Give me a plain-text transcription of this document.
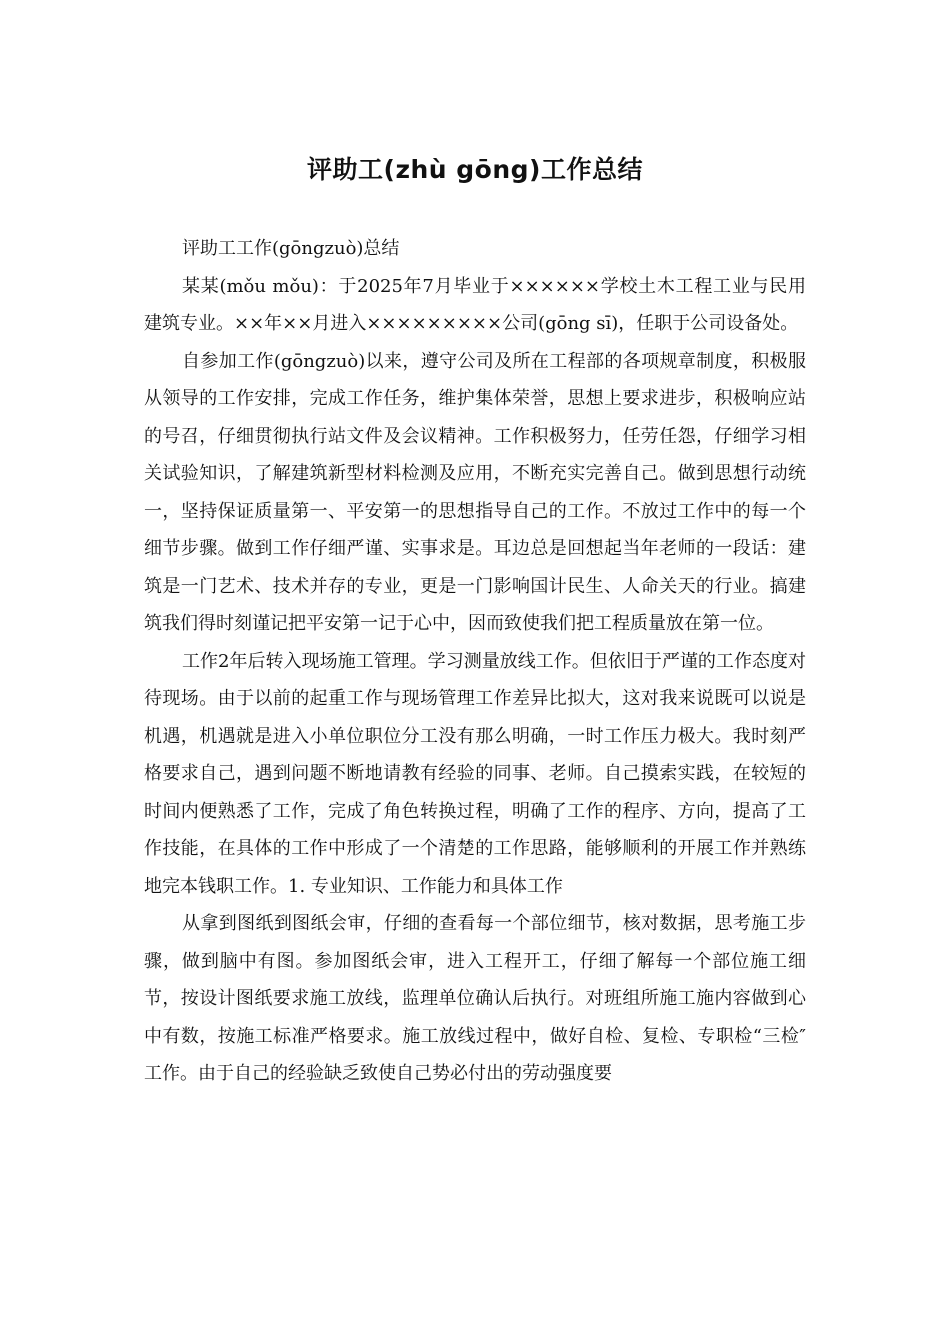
评助工(zhù gōng)工作总结

评助工工作(gōngzuò)总结

某某(mǒu mǒu)：于2025年7月毕业于××××××学校土木工程工业与民用建筑专业。××年××月进入×××××××××公司(gōng sī)，任职于公司设备处。

自参加工作(gōngzuò)以来，遵守公司及所在工程部的各项规章制度，积极服从领导的工作安排，完成工作任务，维护集体荣誉，思想上要求进步，积极响应站的号召，仔细贯彻执行站文件及会议精神。工作积极努力，任劳任怨，仔细学习相关试验知识，了解建筑新型材料检测及应用，不断充实完善自己。做到思想行动统一，坚持保证质量第一、平安第一的思想指导自己的工作。不放过工作中的每一个细节步骤。做到工作仔细严谨、实事求是。耳边总是回想起当年老师的一段话：建筑是一门艺术、技术并存的专业，更是一门影响国计民生、人命关天的行业。搞建筑我们得时刻谨记把平安第一记于心中，因而致使我们把工程质量放在第一位。

工作2年后转入现场施工管理。学习测量放线工作。但依旧于严谨的工作态度对待现场。由于以前的起重工作与现场管理工作差异比拟大，这对我来说既可以说是机遇，机遇就是进入小单位职位分工没有那么明确，一时工作压力极大。我时刻严格要求自己，遇到问题不断地请教有经验的同事、老师。自己摸索实践，在较短的时间内便熟悉了工作，完成了角色转换过程，明确了工作的程序、方向，提高了工作技能，在具体的工作中形成了一个清楚的工作思路，能够顺利的开展工作并熟练地完本钱职工作。1. 专业知识、工作能力和具体工作

从拿到图纸到图纸会审，仔细的查看每一个部位细节，核对数据，思考施工步骤，做到脑中有图。参加图纸会审，进入工程开工，仔细了解每一个部位施工细节，按设计图纸要求施工放线，监理单位确认后执行。对班组所施工施内容做到心中有数，按施工标准严格要求。施工放线过程中，做好自检、复检、专职检“三检″ 工作。由于自己的经验缺乏致使自己势必付出的劳动强度要
